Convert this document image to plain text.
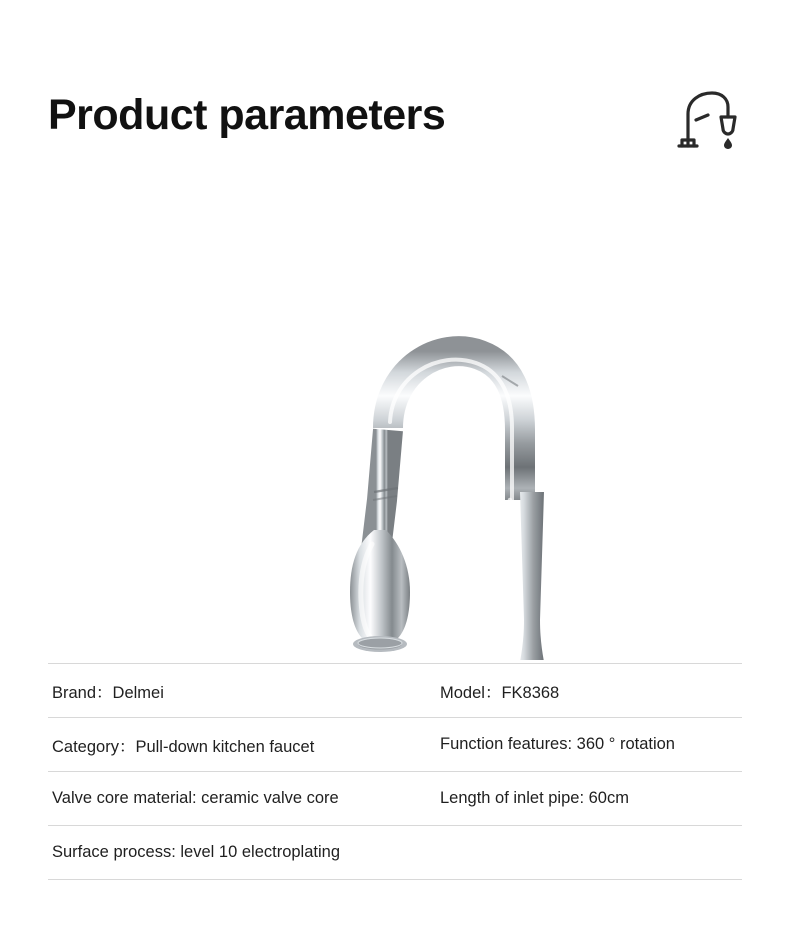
Product parameters
Brand：Delmei	Model：FK8368
Category：Pull-down kitchen faucet	Function features: 360 ° rotation
Valve core material: ceramic valve core	Length of inlet pipe: 60cm
Surface process: level 10 electroplating
